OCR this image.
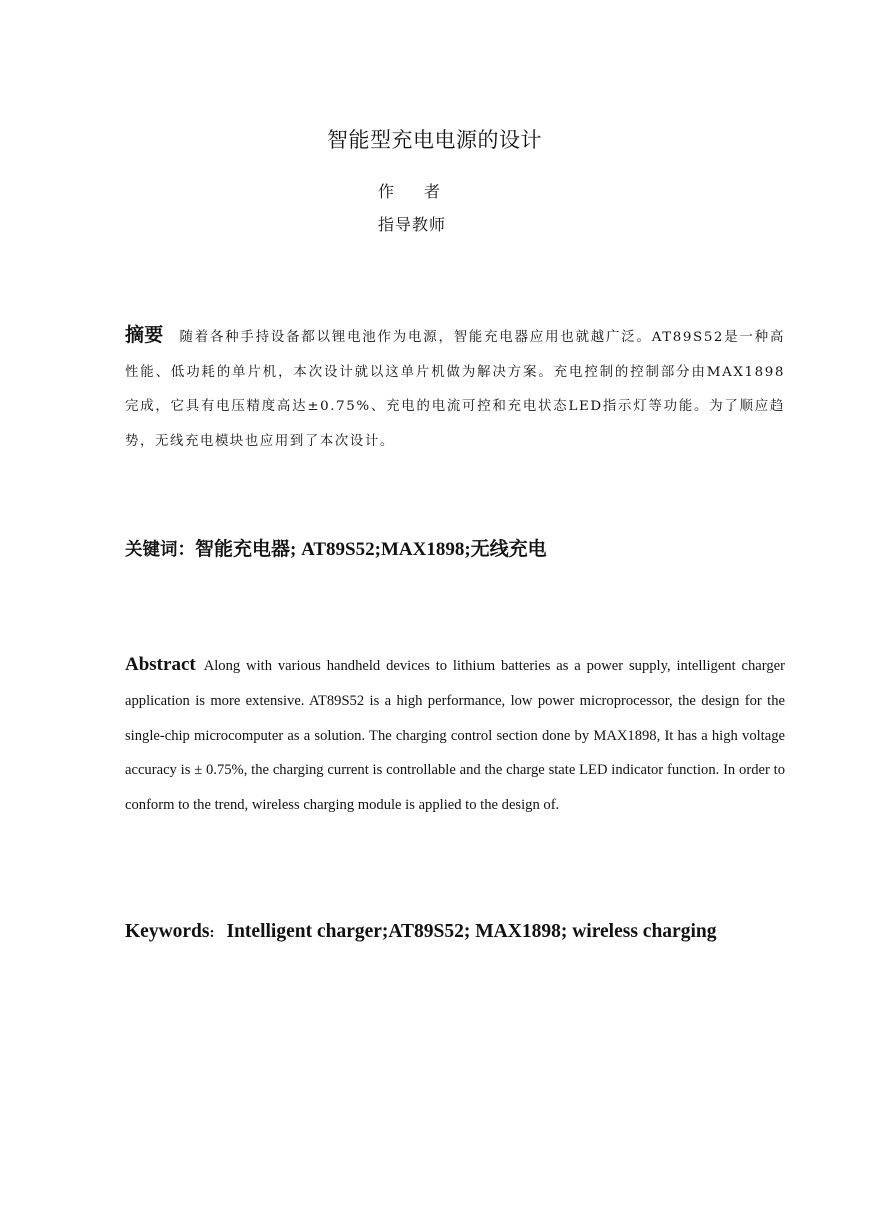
智能型充电电源的设计
作者
指导教师
摘要 随着各种手持设备都以锂电池作为电源，智能充电器应用也就越广泛。AT89S52是一种高性能、低功耗的单片机，本次设计就以这单片机做为解决方案。充电控制的控制部分由MAX1898完成，它具有电压精度高达±0.75%、充电的电流可控和充电状态LED指示灯等功能。为了顺应趋势，无线充电模块也应用到了本次设计。
关键词：智能充电器; AT89S52;MAX1898;无线充电
Abstract Along with various handheld devices to lithium batteries as a power supply, intelligent charger application is more extensive. AT89S52 is a high performance, low power microprocessor, the design for the single-chip microcomputer as a solution. The charging control section done by MAX1898, It has a high voltage accuracy is ± 0.75%, the charging current is controllable and the charge state LED indicator function. In order to conform to the trend, wireless charging module is applied to the design of.
Keywords: Intelligent charger;AT89S52; MAX1898; wireless charging
